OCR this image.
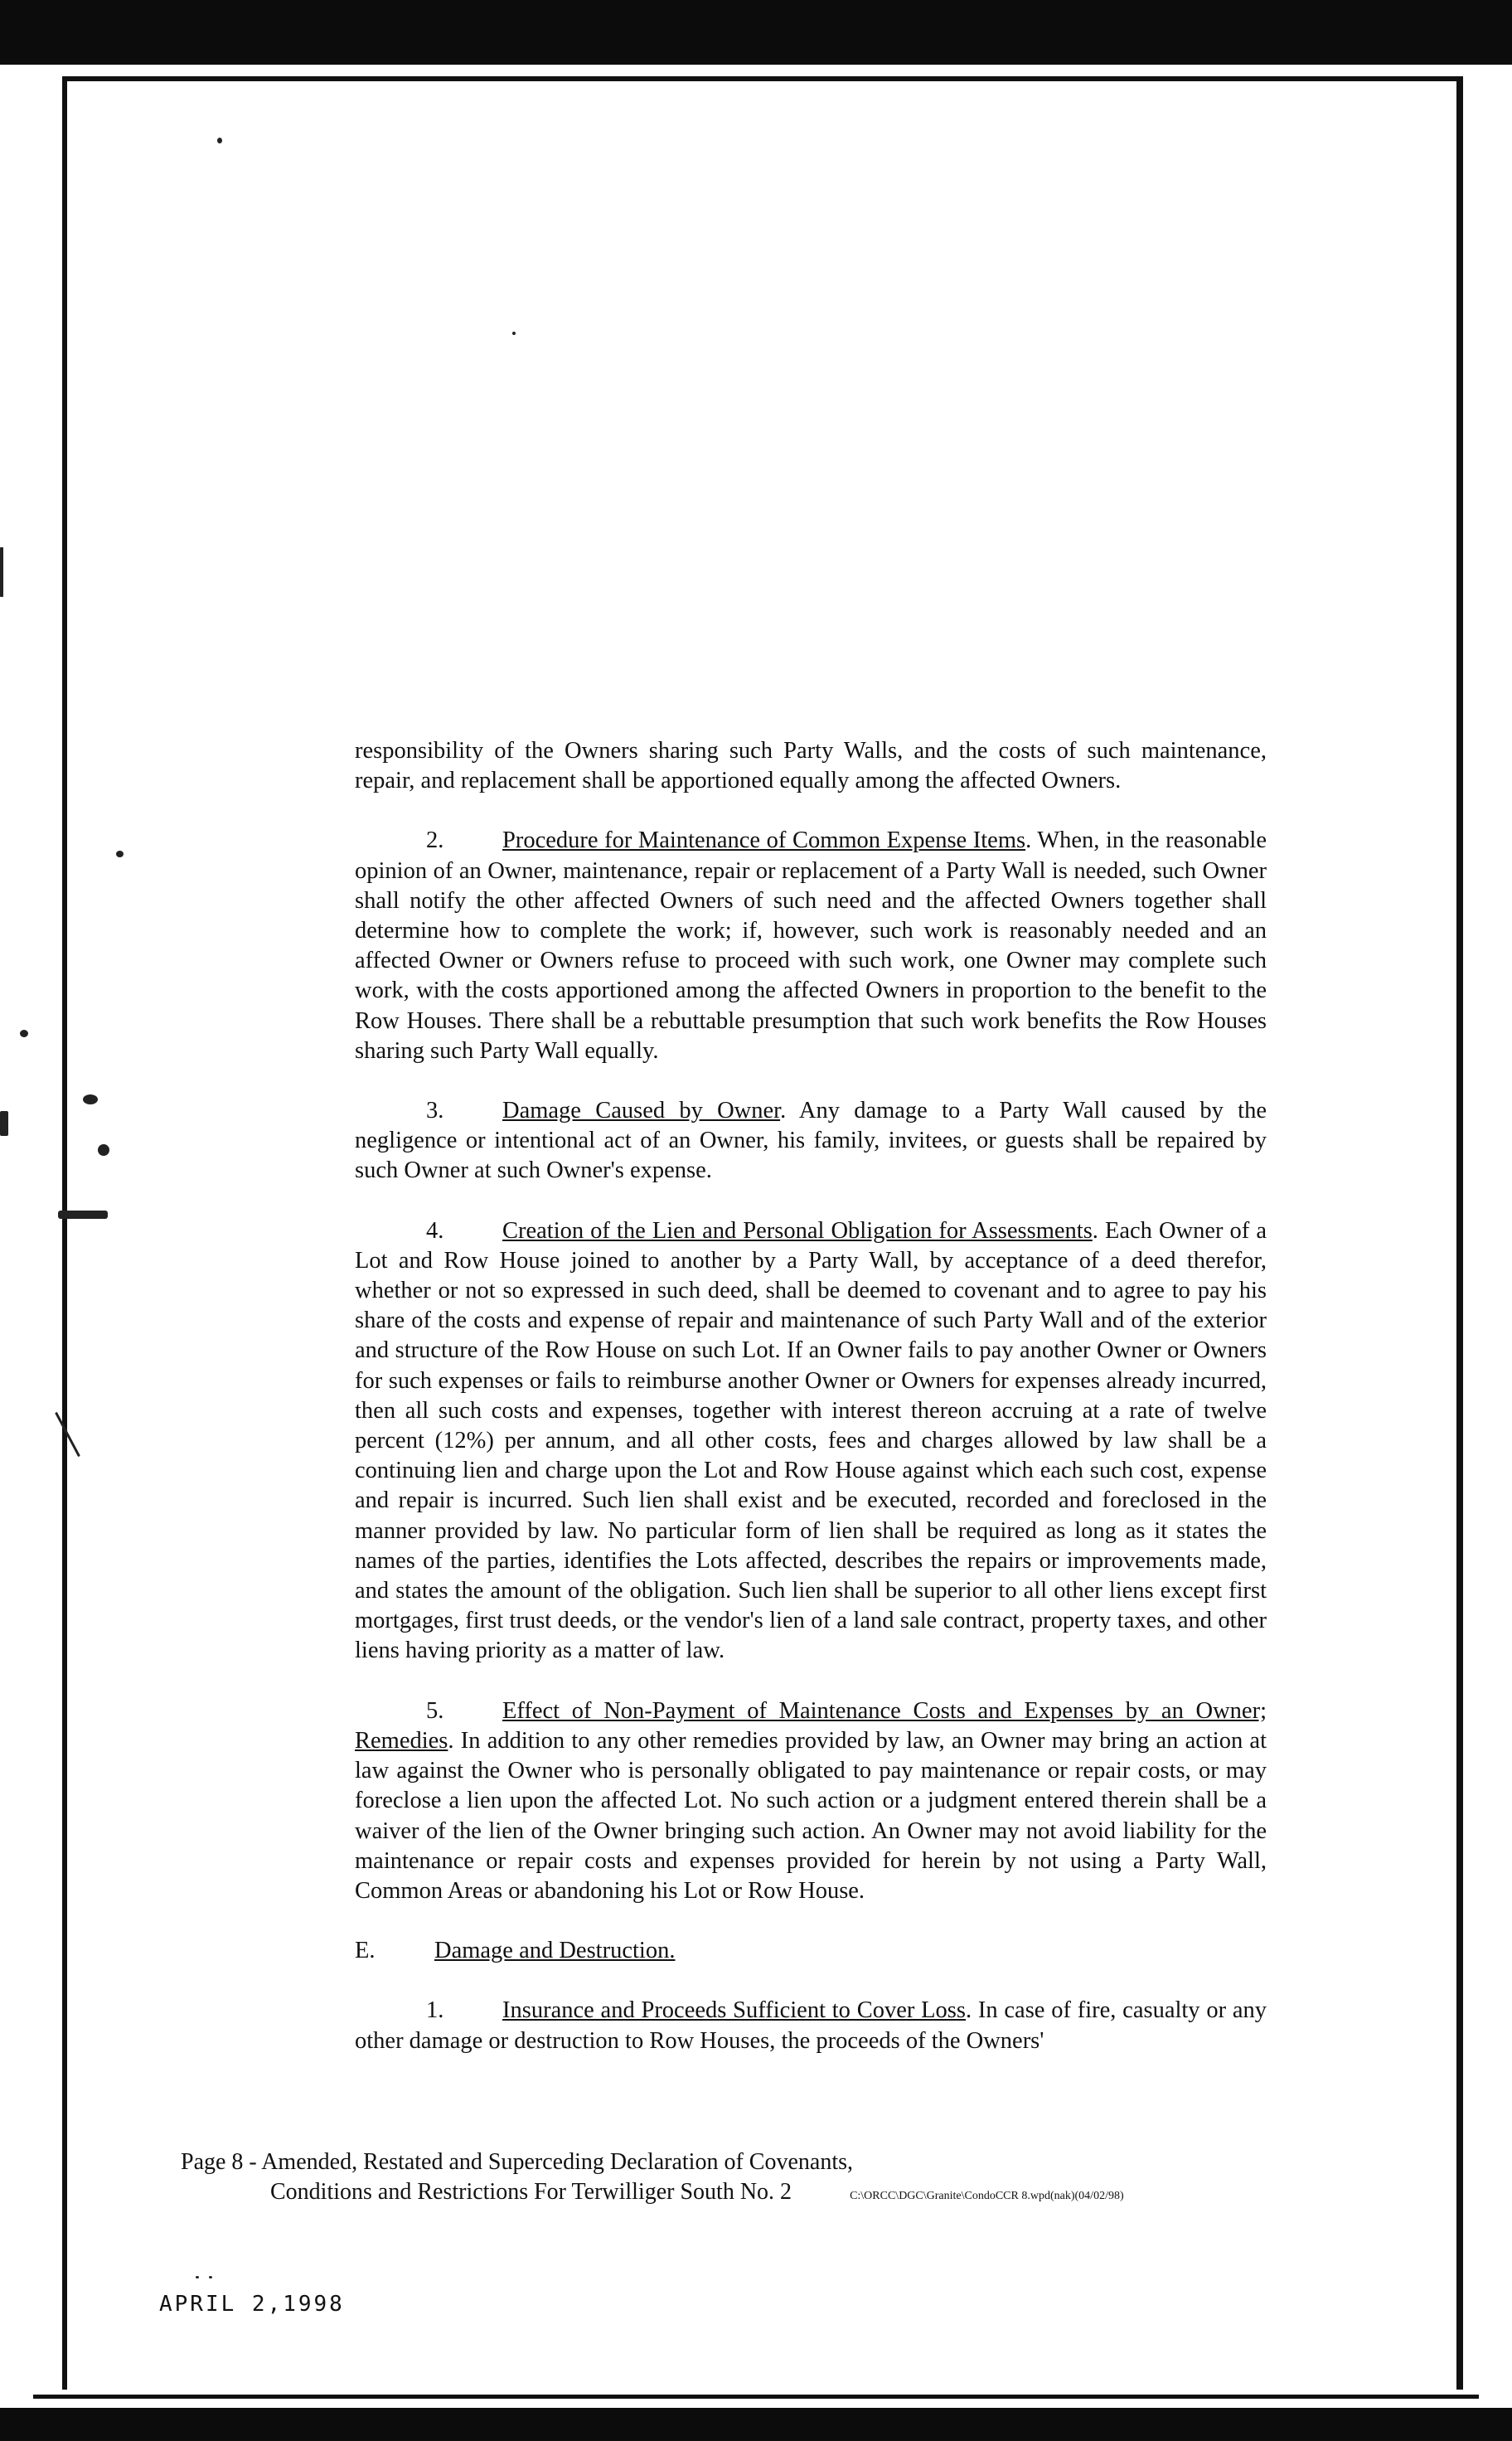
responsibility of the Owners sharing such Party Walls, and the costs of such maintenance, repair, and replacement shall be apportioned equally among the affected Owners.

2. Procedure for Maintenance of Common Expense Items. When, in the reasonable opinion of an Owner, maintenance, repair or replacement of a Party Wall is needed, such Owner shall notify the other affected Owners of such need and the affected Owners together shall determine how to complete the work; if, however, such work is reasonably needed and an affected Owner or Owners refuse to proceed with such work, one Owner may complete such work, with the costs apportioned among the affected Owners in proportion to the benefit to the Row Houses. There shall be a rebuttable presumption that such work benefits the Row Houses sharing such Party Wall equally.

3. Damage Caused by Owner. Any damage to a Party Wall caused by the negligence or intentional act of an Owner, his family, invitees, or guests shall be repaired by such Owner at such Owner's expense.

4. Creation of the Lien and Personal Obligation for Assessments. Each Owner of a Lot and Row House joined to another by a Party Wall, by acceptance of a deed therefor, whether or not so expressed in such deed, shall be deemed to covenant and to agree to pay his share of the costs and expense of repair and maintenance of such Party Wall and of the exterior and structure of the Row House on such Lot. If an Owner fails to pay another Owner or Owners for such expenses or fails to reimburse another Owner or Owners for expenses already incurred, then all such costs and expenses, together with interest thereon accruing at a rate of twelve percent (12%) per annum, and all other costs, fees and charges allowed by law shall be a continuing lien and charge upon the Lot and Row House against which each such cost, expense and repair is incurred. Such lien shall exist and be executed, recorded and foreclosed in the manner provided by law. No particular form of lien shall be required as long as it states the names of the parties, identifies the Lots affected, describes the repairs or improvements made, and states the amount of the obligation. Such lien shall be superior to all other liens except first mortgages, first trust deeds, or the vendor's lien of a land sale contract, property taxes, and other liens having priority as a matter of law.

5. Effect of Non-Payment of Maintenance Costs and Expenses by an Owner; Remedies. In addition to any other remedies provided by law, an Owner may bring an action at law against the Owner who is personally obligated to pay maintenance or repair costs, or may foreclose a lien upon the affected Lot. No such action or a judgment entered therein shall be a waiver of the lien of the Owner bringing such action. An Owner may not avoid liability for the maintenance or repair costs and expenses provided for herein by not using a Party Wall, Common Areas or abandoning his Lot or Row House.

E.	Damage and Destruction.

1. Insurance and Proceeds Sufficient to Cover Loss. In case of fire, casualty or any other damage or destruction to Row Houses, the proceeds of the Owners'

Page 8 - Amended, Restated and Superceding Declaration of Covenants,
Conditions and Restrictions For Terwilliger South No. 2	C:\ORCC\DGC\Granite\CondoCCR 8.wpd(nak)(04/02/98)
APRIL 2,1998
